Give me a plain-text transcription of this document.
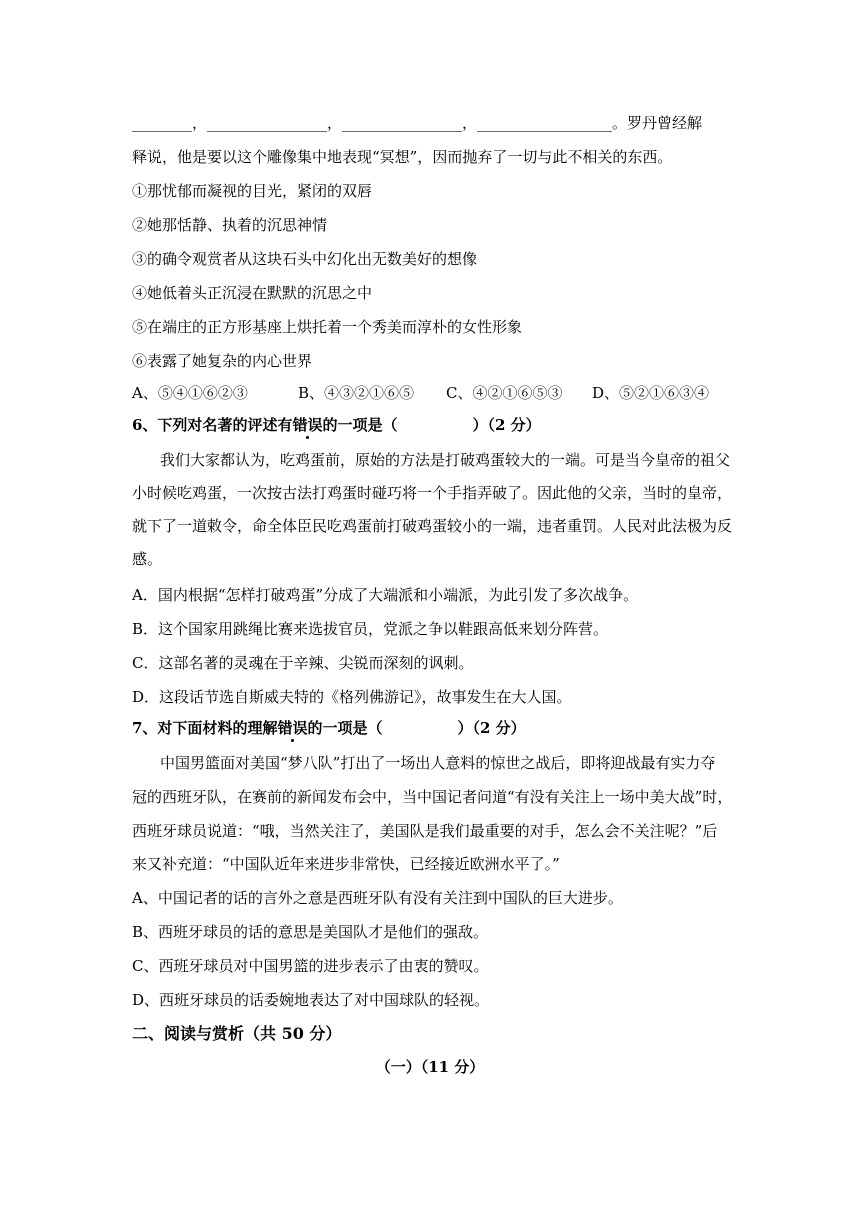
________，________________，________________，__________________。罗丹曾经解
释说，他是要以这个雕像集中地表现“冥想”，因而抛弃了一切与此不相关的东西。
①那忧郁而凝视的目光，紧闭的双唇
②她那恬静、执着的沉思神情
③的确令观赏者从这块石头中幻化出无数美好的想像
④她低着头正沉浸在默默的沉思之中
⑤在端庄的正方形基座上烘托着一个秀美而淳朴的女性形象
⑥表露了她复杂的内心世界
A、⑤④①⑥②③	B、④③②①⑥⑤ C、④②①⑥⑤③ D、⑤②①⑥③④
6、下列对名著的评述有错误的一项是（　　　　　）（2 分）
我们大家都认为，吃鸡蛋前，原始的方法是打破鸡蛋较大的一端。可是当今皇帝的祖父
小时候吃鸡蛋，一次按古法打鸡蛋时碰巧将一个手指弄破了。因此他的父亲，当时的皇帝，
就下了一道敕令，命全体臣民吃鸡蛋前打破鸡蛋较小的一端，违者重罚。人民对此法极为反
感。
A．国内根据“怎样打破鸡蛋”分成了大端派和小端派，为此引发了多次战争。
B．这个国家用跳绳比赛来选拔官员，党派之争以鞋跟高低来划分阵营。
C．这部名著的灵魂在于辛辣、尖锐而深刻的讽刺。
D．这段话节选自斯威夫特的《格列佛游记》，故事发生在大人国。
7、对下面材料的理解错误的一项是（　　　　　）（2 分）
中国男篮面对美国“梦八队”打出了一场出人意料的惊世之战后，即将迎战最有实力夺
冠的西班牙队，在赛前的新闻发布会中，当中国记者问道“有没有关注上一场中美大战”时，
西班牙球员说道：“哦，当然关注了，美国队是我们最重要的对手，怎么会不关注呢？”后
来又补充道：“中国队近年来进步非常快，已经接近欧洲水平了。”
A、中国记者的话的言外之意是西班牙队有没有关注到中国队的巨大进步。
B、西班牙球员的话的意思是美国队才是他们的强敌。
C、西班牙球员对中国男篮的进步表示了由衷的赞叹。
D、西班牙球员的话委婉地表达了对中国球队的轻视。
二、阅读与赏析（共 50 分）
（一）（11 分）
